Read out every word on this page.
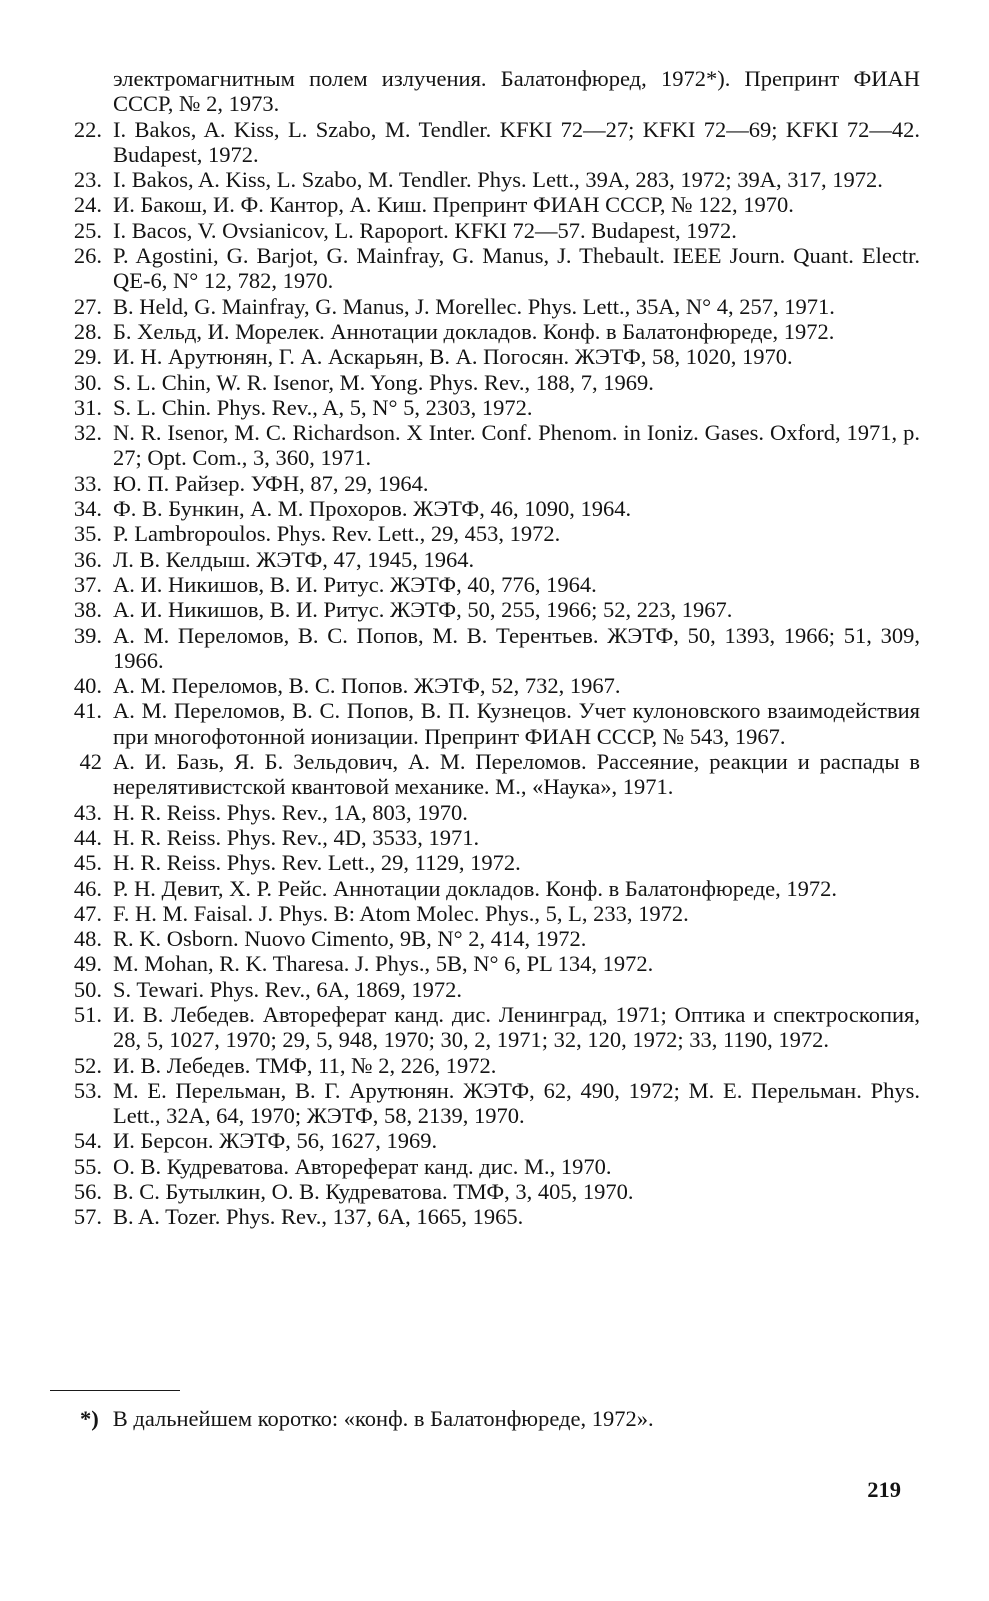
электромагнитным полем излучения. Балатонфюред, 1972*). Препринт ФИАН СССР, № 2, 1973.
22. I. Bakos, A. Kiss, L. Szabo, M. Tendler. KFKI 72—27; KFKI 72—69; KFKI 72—42. Budapest, 1972.
23. I. Bakos, A. Kiss, L. Szabo, M. Tendler. Phys. Lett., 39A, 283, 1972; 39A, 317, 1972.
24. И. Бакош, И. Ф. Кантор, А. Киш. Препринт ФИАН СССР, № 122, 1970.
25. I. Bacos, V. Ovsianicov, L. Rapoport. KFKI 72—57. Budapest, 1972.
26. P. Agostini, G. Barjot, G. Mainfray, G. Manus, J. Thebault. IEEE Journ. Quant. Electr. QE-6, N° 12, 782, 1970.
27. B. Held, G. Mainfray, G. Manus, J. Morellec. Phys. Lett., 35A, N° 4, 257, 1971.
28. Б. Хельд, И. Морелек. Аннотации докладов. Конф. в Балатонфюреде, 1972.
29. И. Н. Арутюнян, Г. А. Аскарьян, В. А. Погосян. ЖЭТФ, 58, 1020, 1970.
30. S. L. Chin, W. R. Isenor, M. Yong. Phys. Rev., 188, 7, 1969.
31. S. L. Chin. Phys. Rev., A, 5, N° 5, 2303, 1972.
32. N. R. Isenor, M. C. Richardson. X Inter. Conf. Phenom. in Ioniz. Gases. Oxford, 1971, p. 27; Opt. Com., 3, 360, 1971.
33. Ю. П. Райзер. УФН, 87, 29, 1964.
34. Ф. В. Бункин, А. М. Прохоров. ЖЭТФ, 46, 1090, 1964.
35. P. Lambropoulos. Phys. Rev. Lett., 29, 453, 1972.
36. Л. В. Келдыш. ЖЭТФ, 47, 1945, 1964.
37. А. И. Никишов, В. И. Ритус. ЖЭТФ, 40, 776, 1964.
38. А. И. Никишов, В. И. Ритус. ЖЭТФ, 50, 255, 1966; 52, 223, 1967.
39. А. М. Переломов, В. С. Попов, М. В. Терентьев. ЖЭТФ, 50, 1393, 1966; 51, 309, 1966.
40. А. М. Переломов, В. С. Попов. ЖЭТФ, 52, 732, 1967.
41. А. М. Переломов, В. С. Попов, В. П. Кузнецов. Учет кулоновского взаимодействия при многофотонной ионизации. Препринт ФИАН СССР, № 543, 1967.
42 А. И. Базь, Я. Б. Зельдович, А. М. Переломов. Рассеяние, реакции и распады в нерелятивистской квантовой механике. М., «Наука», 1971.
43. H. R. Reiss. Phys. Rev., 1A, 803, 1970.
44. H. R. Reiss. Phys. Rev., 4D, 3533, 1971.
45. H. R. Reiss. Phys. Rev. Lett., 29, 1129, 1972.
46. Р. Н. Девит, Х. Р. Рейс. Аннотации докладов. Конф. в Балатонфюреде, 1972.
47. F. H. M. Faisal. J. Phys. B: Atom Molec. Phys., 5, L, 233, 1972.
48. R. K. Osborn. Nuovo Cimento, 9B, N° 2, 414, 1972.
49. M. Mohan, R. K. Tharesa. J. Phys., 5B, N° 6, PL 134, 1972.
50. S. Tewari. Phys. Rev., 6A, 1869, 1972.
51. И. В. Лебедев. Автореферат канд. дис. Ленинград, 1971; Оптика и спектроскопия, 28, 5, 1027, 1970; 29, 5, 948, 1970; 30, 2, 1971; 32, 120, 1972; 33, 1190, 1972.
52. И. В. Лебедев. ТМФ, 11, № 2, 226, 1972.
53. М. Е. Перельман, В. Г. Арутюнян. ЖЭТФ, 62, 490, 1972; М. Е. Перельман. Phys. Lett., 32A, 64, 1970; ЖЭТФ, 58, 2139, 1970.
54. И. Берсон. ЖЭТФ, 56, 1627, 1969.
55. О. В. Кудреватова. Автореферат канд. дис. М., 1970.
56. В. С. Бутылкин, О. В. Кудреватова. ТМФ, 3, 405, 1970.
57. B. A. Tozer. Phys. Rev., 137, 6A, 1665, 1965.
*) В дальнейшем коротко: «конф. в Балатонфюреде, 1972».
219
